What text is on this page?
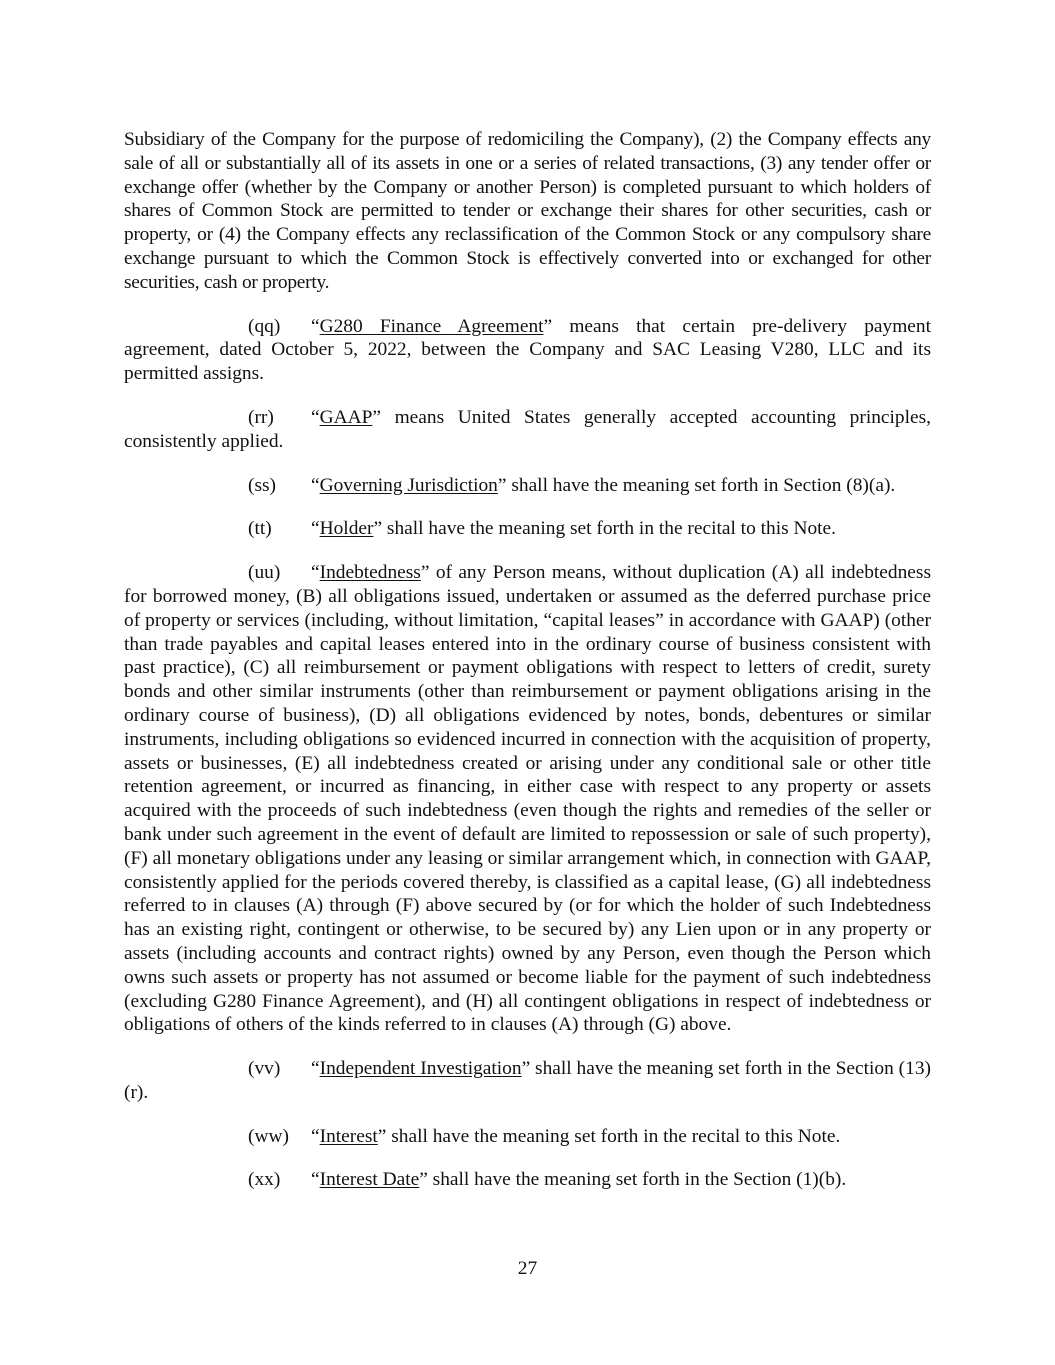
Subsidiary of the Company for the purpose of redomiciling the Company), (2) the Company effects any sale of all or substantially all of its assets in one or a series of related transactions, (3) any tender offer or exchange offer (whether by the Company or another Person) is completed pursuant to which holders of shares of Common Stock are permitted to tender or exchange their shares for other securities, cash or property, or (4) the Company effects any reclassification of the Common Stock or any compulsory share exchange pursuant to which the Common Stock is effectively converted into or exchanged for other securities, cash or property.

(qq) “G280 Finance Agreement” means that certain pre-delivery payment agreement, dated October 5, 2022, between the Company and SAC Leasing V280, LLC and its permitted assigns.

(rr) “GAAP” means United States generally accepted accounting principles, consistently applied.

(ss) “Governing Jurisdiction” shall have the meaning set forth in Section (8)(a).

(tt) “Holder” shall have the meaning set forth in the recital to this Note.

(uu) “Indebtedness” of any Person means, without duplication (A) all indebtedness for borrowed money, (B) all obligations issued, undertaken or assumed as the deferred purchase price of property or services (including, without limitation, “capital leases” in accordance with GAAP) (other than trade payables and capital leases entered into in the ordinary course of business consistent with past practice), (C) all reimbursement or payment obligations with respect to letters of credit, surety bonds and other similar instruments (other than reimbursement or payment obligations arising in the ordinary course of business), (D) all obligations evidenced by notes, bonds, debentures or similar instruments, including obligations so evidenced incurred in connection with the acquisition of property, assets or businesses, (E) all indebtedness created or arising under any conditional sale or other title retention agreement, or incurred as financing, in either case with respect to any property or assets acquired with the proceeds of such indebtedness (even though the rights and remedies of the seller or bank under such agreement in the event of default are limited to repossession or sale of such property), (F) all monetary obligations under any leasing or similar arrangement which, in connection with GAAP, consistently applied for the periods covered thereby, is classified as a capital lease, (G) all indebtedness referred to in clauses (A) through (F) above secured by (or for which the holder of such Indebtedness has an existing right, contingent or otherwise, to be secured by) any Lien upon or in any property or assets (including accounts and contract rights) owned by any Person, even though the Person which owns such assets or property has not assumed or become liable for the payment of such indebtedness (excluding G280 Finance Agreement), and (H) all contingent obligations in respect of indebtedness or obligations of others of the kinds referred to in clauses (A) through (G) above.

(vv) “Independent Investigation” shall have the meaning set forth in the Section (13)(r).

(ww) “Interest” shall have the meaning set forth in the recital to this Note.

(xx) “Interest Date” shall have the meaning set forth in the Section (1)(b).

27
